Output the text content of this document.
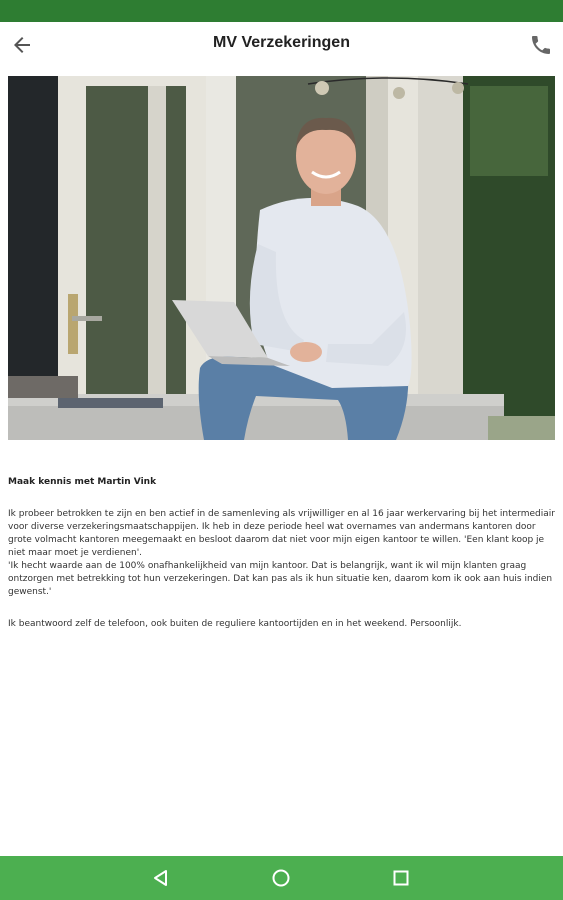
MV Verzekeringen
Maak kennis met Martin Vink

Ik probeer betrokken te zijn en ben actief in de samenleving als vrijwilliger en al 16 jaar werkervaring bij het intermediair voor diverse verzekeringsmaatschappijen. Ik heb in deze periode heel wat overnames van andermans kantoren door grote volmacht kantoren meegemaakt en besloot daarom dat niet voor mijn eigen kantoor te willen. 'Een klant koop je niet maar moet je verdienen'.

'Ik hecht waarde aan de 100% onafhankelijkheid van mijn kantoor. Dat is belangrijk, want ik wil mijn klanten graag ontzorgen met betrekking tot hun verzekeringen. Dat kan pas als ik hun situatie ken, daarom kom ik ook aan huis indien gewenst.'

Ik beantwoord zelf de telefoon, ook buiten de reguliere kantoortijden en in het weekend. Persoonlijk.
